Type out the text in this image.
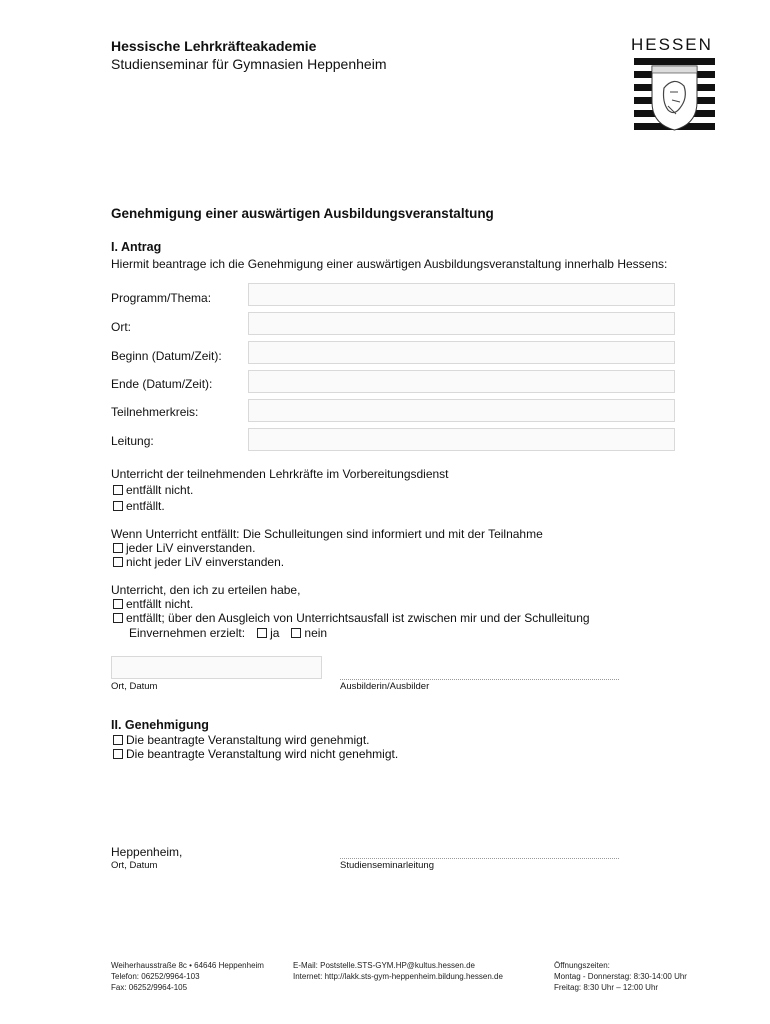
Hessische Lehrkräfteakademie
Studienseminar für Gymnasien Heppenheim
HESSEN
Genehmigung einer auswärtigen Ausbildungsveranstaltung
I. Antrag
Hiermit beantrage ich die Genehmigung einer auswärtigen Ausbildungsveranstaltung innerhalb Hessens:
Programm/Thema:
Ort:
Beginn (Datum/Zeit):
Ende (Datum/Zeit):
Teilnehmerkreis:
Leitung:
Unterricht der teilnehmenden Lehrkräfte im Vorbereitungsdienst
entfällt nicht.
entfällt.
Wenn Unterricht entfällt: Die Schulleitungen sind informiert und mit der Teilnahme
jeder LiV einverstanden.
nicht jeder LiV einverstanden.
Unterricht, den ich zu erteilen habe,
entfällt nicht.
entfällt; über den Ausgleich von Unterrichtsausfall ist zwischen mir und der Schulleitung
Einvernehmen erzielt: ja nein
Ort, Datum	Ausbilderin/Ausbilder
II. Genehmigung
Die beantragte Veranstaltung wird genehmigt.
Die beantragte Veranstaltung wird nicht genehmigt.
Heppenheim,
Ort, Datum	Studienseminarleitung
Weiherhausstraße 8c • 64646 Heppenheim
Telefon: 06252/9964-103
Fax: 06252/9964-105
E-Mail: Poststelle.STS-GYM.HP@kultus.hessen.de
Internet: http://lakk.sts-gym-heppenheim.bildung.hessen.de
Öffnungszeiten:
Montag - Donnerstag: 8:30-14:00 Uhr
Freitag: 8:30 Uhr – 12:00 Uhr
